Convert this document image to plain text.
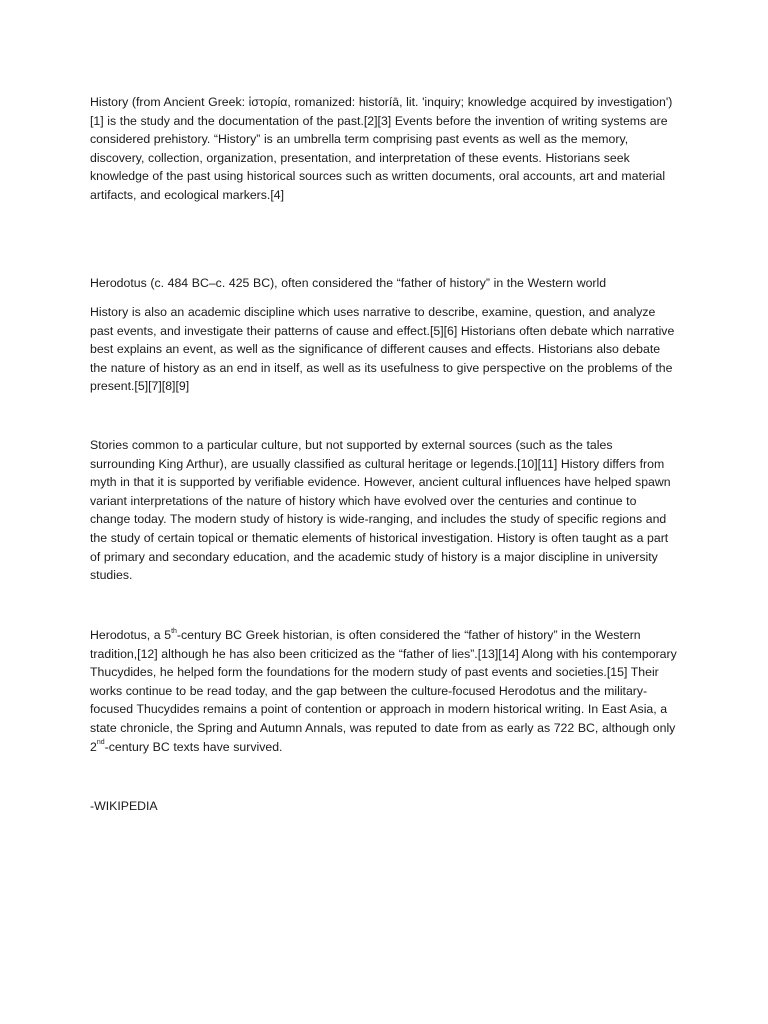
History (from Ancient Greek: ἱστορία, romanized: historíā, lit. 'inquiry; knowledge acquired by investigation')[1] is the study and the documentation of the past.[2][3] Events before the invention of writing systems are considered prehistory. “History” is an umbrella term comprising past events as well as the memory, discovery, collection, organization, presentation, and interpretation of these events. Historians seek knowledge of the past using historical sources such as written documents, oral accounts, art and material artifacts, and ecological markers.[4]

Herodotus (c. 484 BC–c. 425 BC), often considered the “father of history” in the Western world

History is also an academic discipline which uses narrative to describe, examine, question, and analyze past events, and investigate their patterns of cause and effect.[5][6] Historians often debate which narrative best explains an event, as well as the significance of different causes and effects. Historians also debate the nature of history as an end in itself, as well as its usefulness to give perspective on the problems of the present.[5][7][8][9]

Stories common to a particular culture, but not supported by external sources (such as the tales surrounding King Arthur), are usually classified as cultural heritage or legends.[10][11] History differs from myth in that it is supported by verifiable evidence. However, ancient cultural influences have helped spawn variant interpretations of the nature of history which have evolved over the centuries and continue to change today. The modern study of history is wide-ranging, and includes the study of specific regions and the study of certain topical or thematic elements of historical investigation. History is often taught as a part of primary and secondary education, and the academic study of history is a major discipline in university studies.

Herodotus, a 5th-century BC Greek historian, is often considered the “father of history” in the Western tradition,[12] although he has also been criticized as the “father of lies”.[13][14] Along with his contemporary Thucydides, he helped form the foundations for the modern study of past events and societies.[15] Their works continue to be read today, and the gap between the culture-focused Herodotus and the military-focused Thucydides remains a point of contention or approach in modern historical writing. In East Asia, a state chronicle, the Spring and Autumn Annals, was reputed to date from as early as 722 BC, although only 2nd-century BC texts have survived.

-WIKIPEDIA
